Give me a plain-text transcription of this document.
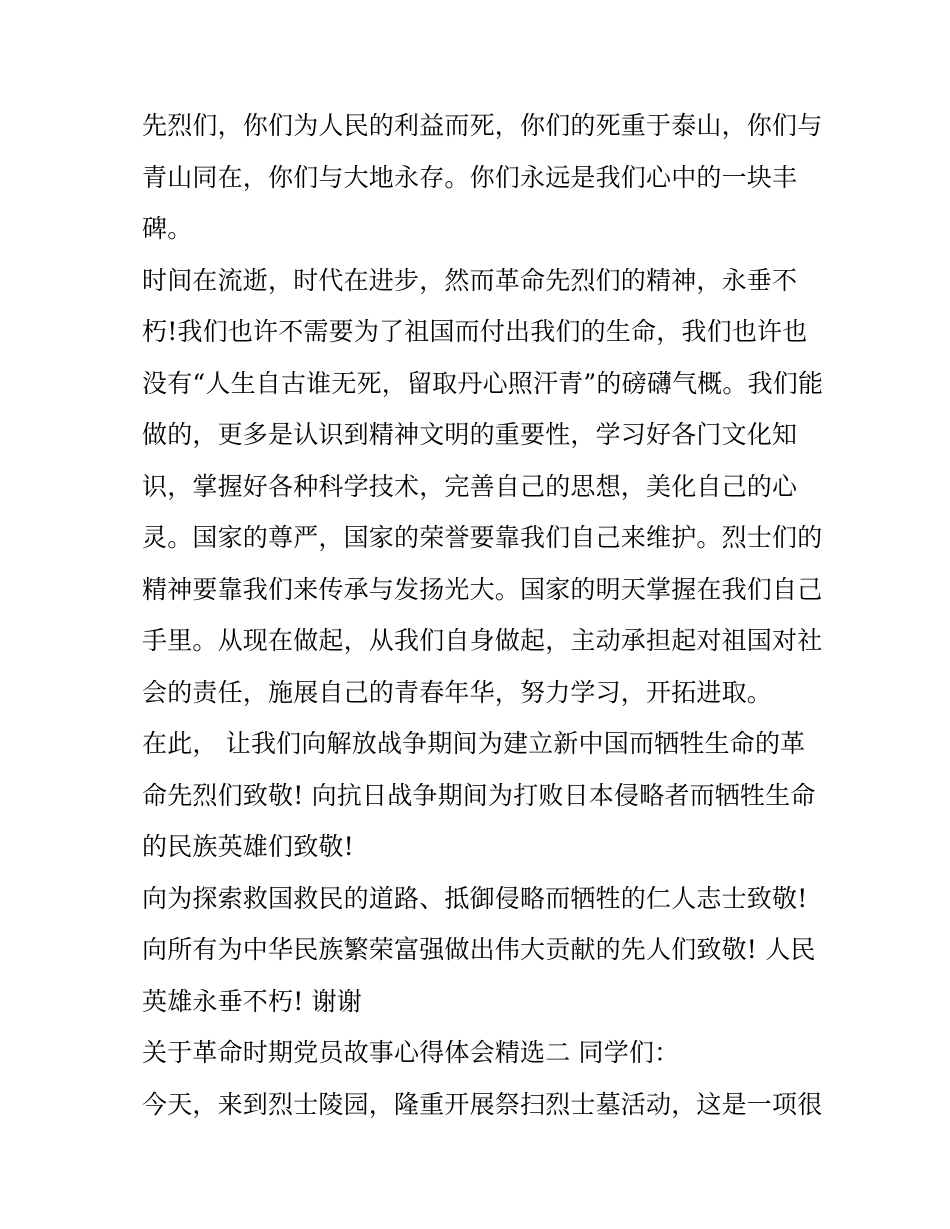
先烈们，你们为人民的利益而死，你们的死重于泰山，你们与
青山同在，你们与大地永存。你们永远是我们心中的一块丰
碑。
时间在流逝，时代在进步，然而革命先烈们的精神，永垂不
朽!我们也许不需要为了祖国而付出我们的生命，我们也许也
没有“人生自古谁无死，留取丹心照汗青”的磅礴气概。我们能
做的，更多是认识到精神文明的重要性，学习好各门文化知
识，掌握好各种科学技术，完善自己的思想，美化自己的心
灵。国家的尊严，国家的荣誉要靠我们自己来维护。烈士们的
精神要靠我们来传承与发扬光大。国家的明天掌握在我们自己
手里。从现在做起，从我们自身做起，主动承担起对祖国对社
会的责任，施展自己的青春年华，努力学习，开拓进取。
在此， 让我们向解放战争期间为建立新中国而牺牲生命的革
命先烈们致敬! 向抗日战争期间为打败日本侵略者而牺牲生命
的民族英雄们致敬!
向为探索救国救民的道路、抵御侵略而牺牲的仁人志士致敬!
向所有为中华民族繁荣富强做出伟大贡献的先人们致敬! 人民
英雄永垂不朽! 谢谢
关于革命时期党员故事心得体会精选二 同学们：
今天，来到烈士陵园，隆重开展祭扫烈士墓活动，这是一项很
